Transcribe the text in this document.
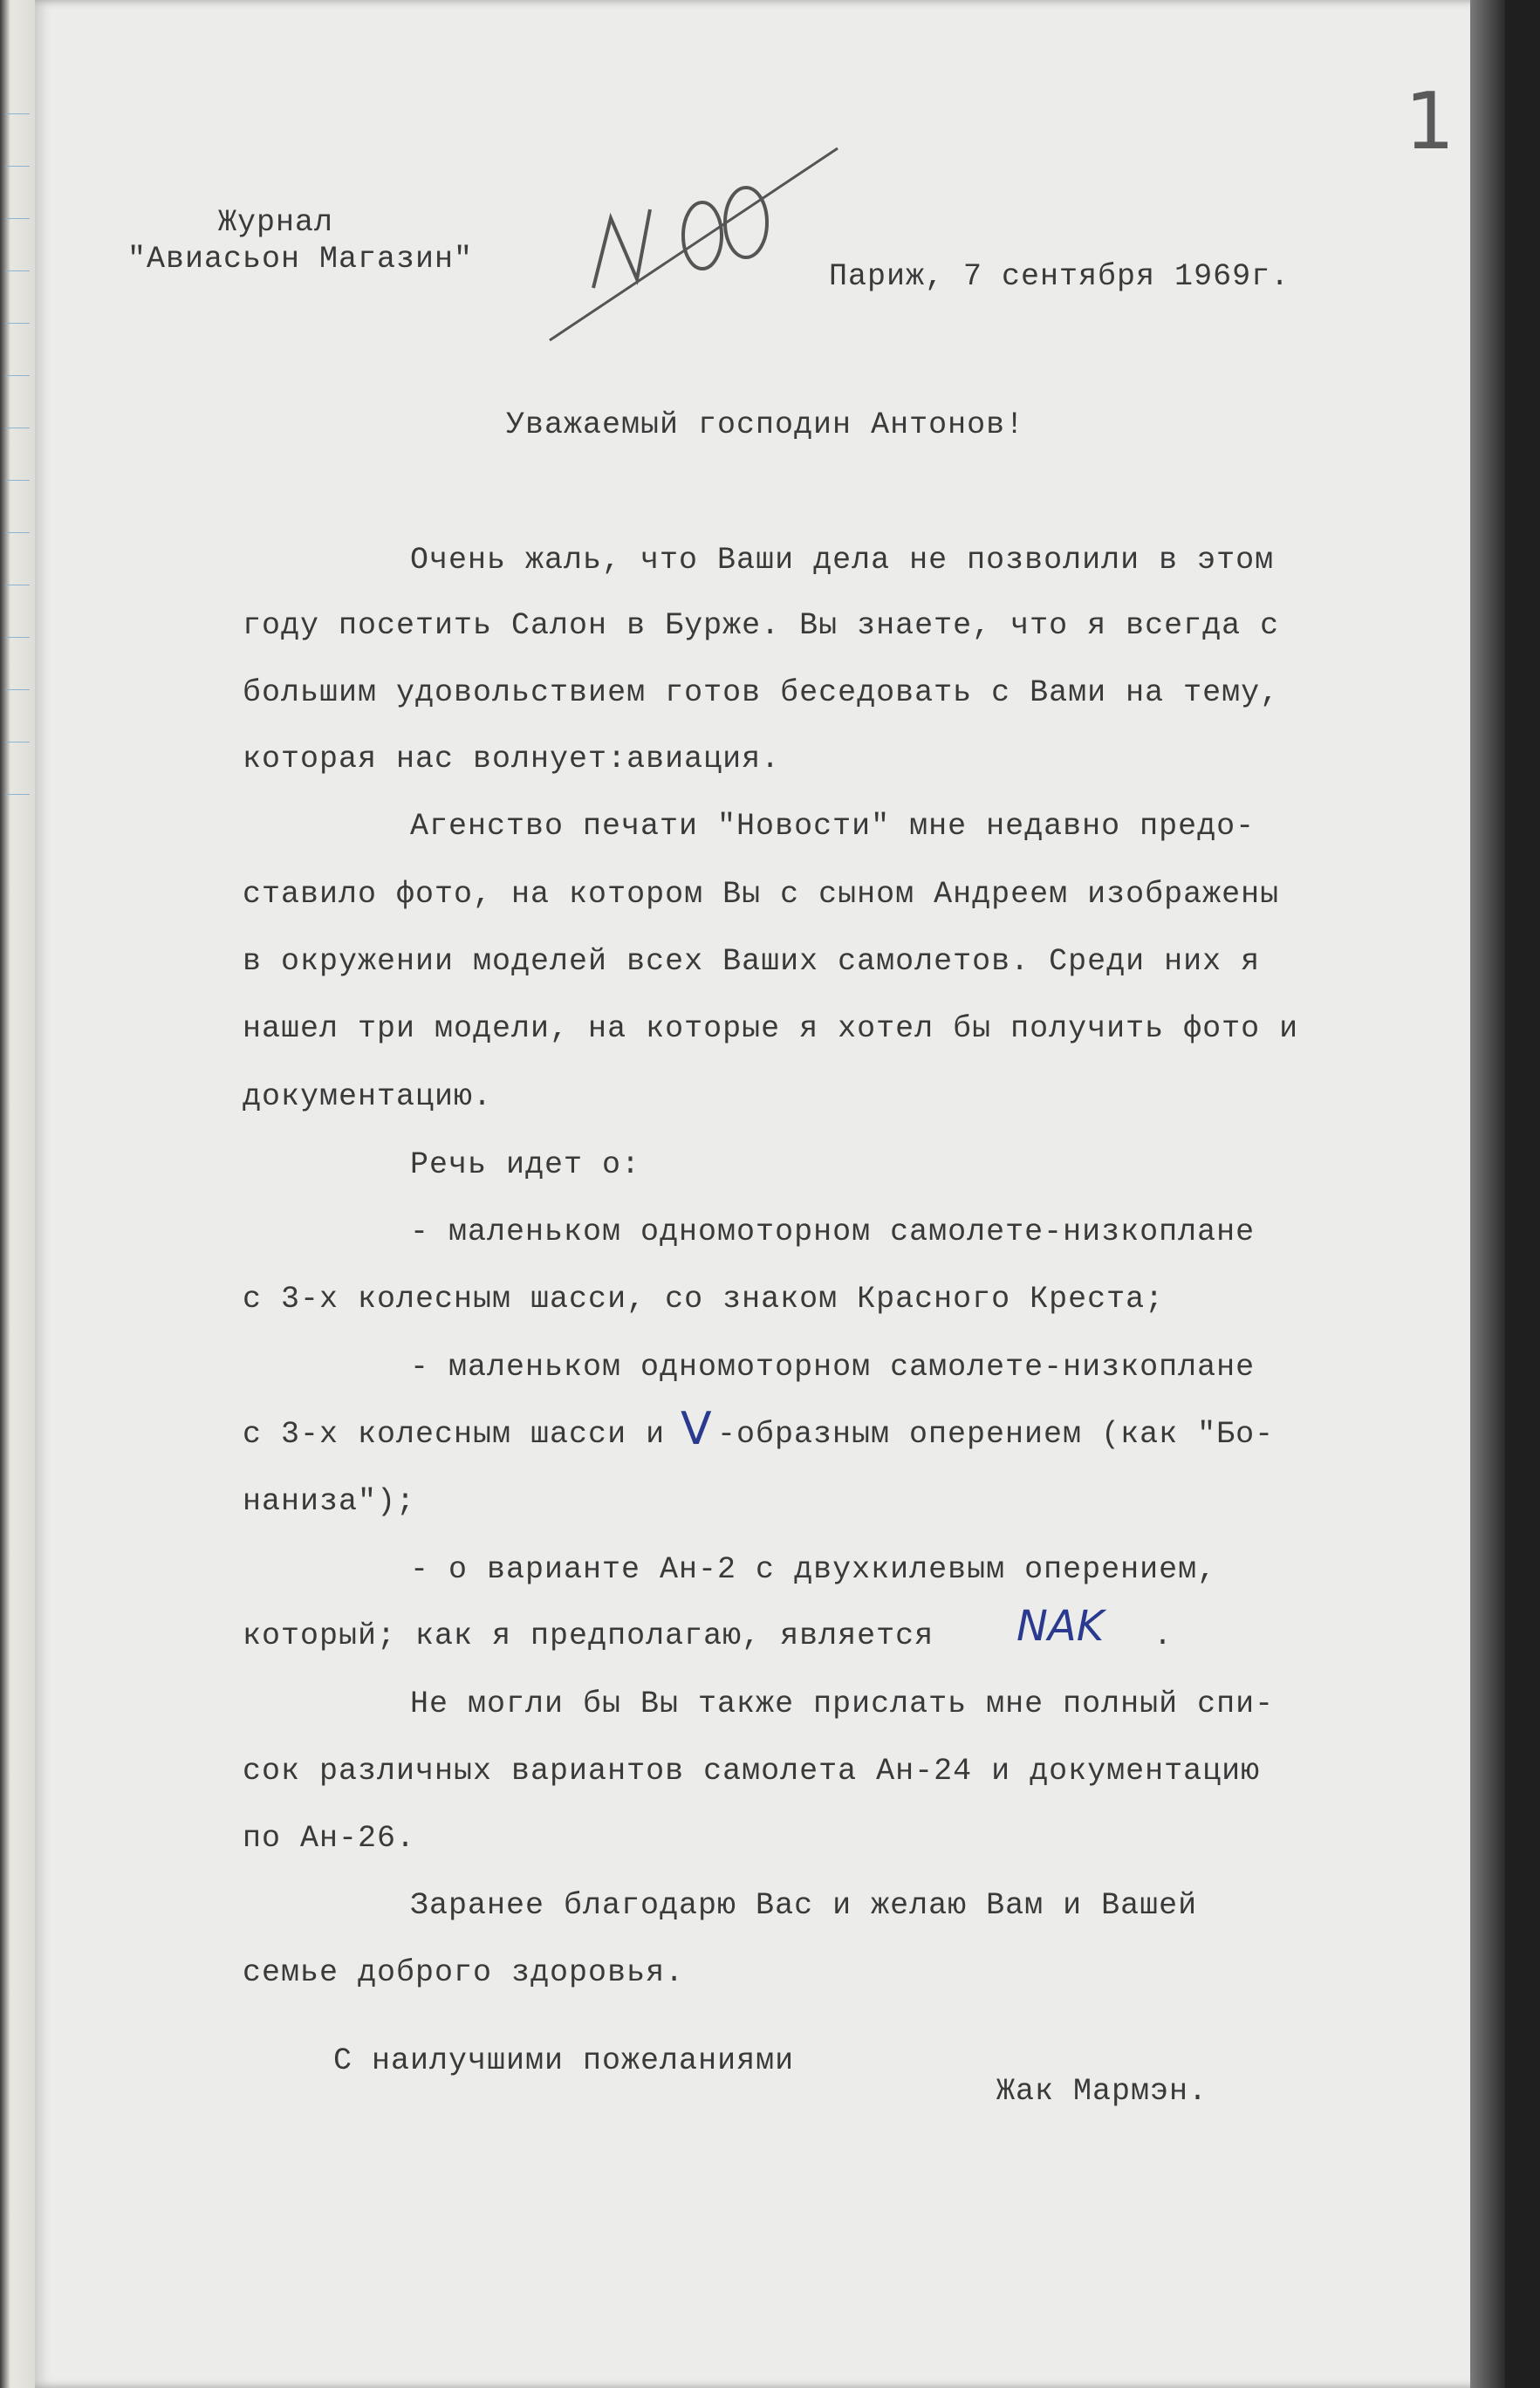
1
Журнал
"Авиасьон Магазин"	Париж, 7 сентября 1969г.
Уважаемый господин Антонов!
Очень жаль, что Ваши дела не позволили в этом
году посетить Салон в Бурже. Вы знаете, что я всегда с
большим удовольствием готов беседовать с Вами на тему,
которая нас волнует:авиация.
Агенство печати "Новости" мне недавно предо-
ставило фото, на котором Вы с сыном Андреем изображены
в окружении моделей всех Ваших самолетов. Среди них я
нашел три модели, на которые я хотел бы получить фото и
документацию.
Речь идет о:
- маленьком одномоторном самолете-низкоплане
с 3-х колесным шасси, со знаком Красного Креста;
- маленьком одномоторном самолете-низкоплане
с 3-х колесным шасси и V -образным оперением (как "Бо-
наниза");
- о варианте Ан-2 с двухкилевым оперением,
который; как я предполагаю, является NAK .
Не могли бы Вы также прислать мне полный спи-
сок различных вариантов самолета Ан-24 и документацию
по Ан-26.
Заранее благодарю Вас и желаю Вам и Вашей
семье доброго здоровья.
С наилучшими пожеланиями
Жак Мармэн.
